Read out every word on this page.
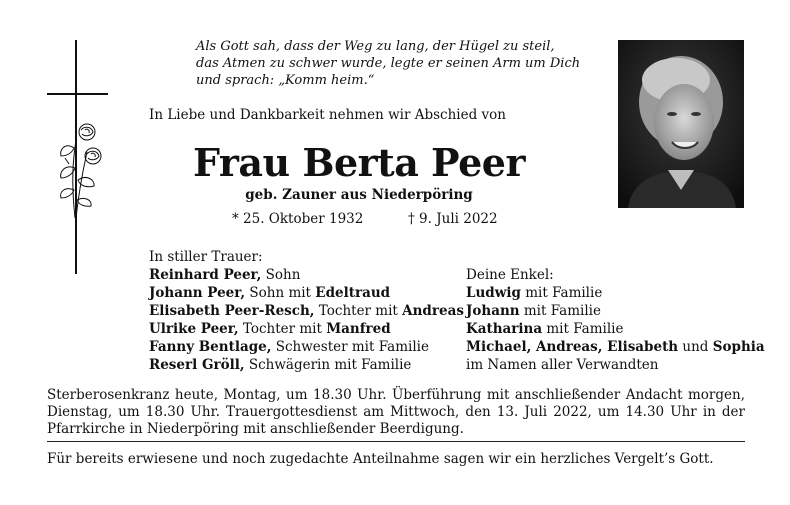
Als Gott sah, dass der Weg zu lang, der Hügel zu steil,
das Atmen zu schwer wurde, legte er seinen Arm um Dich
und sprach: „Komm heim.“
In Liebe und Dankbarkeit nehmen wir Abschied von
Frau Berta Peer
geb. Zauner aus Niederpöring
* 25. Oktober 1932	† 9. Juli 2022
In stiller Trauer:
Reinhard Peer, Sohn
Johann Peer, Sohn mit Edeltraud
Elisabeth Peer-Resch, Tochter mit Andreas
Ulrike Peer, Tochter mit Manfred
Fanny Bentlage, Schwester mit Familie
Reserl Gröll, Schwägerin mit Familie
Deine Enkel:
Ludwig mit Familie
Johann mit Familie
Katharina mit Familie
Michael, Andreas, Elisabeth und Sophia
im Namen aller Verwandten
Sterberosenkranz heute, Montag, um 18.30 Uhr. Überführung mit anschließender Andacht morgen, Dienstag, um 18.30 Uhr. Trauergottesdienst am Mittwoch, den 13. Juli 2022, um 14.30 Uhr in der Pfarrkirche in Niederpöring mit anschließender Beerdigung.
Für bereits erwiesene und noch zugedachte Anteilnahme sagen wir ein herzliches Vergelt’s Gott.
